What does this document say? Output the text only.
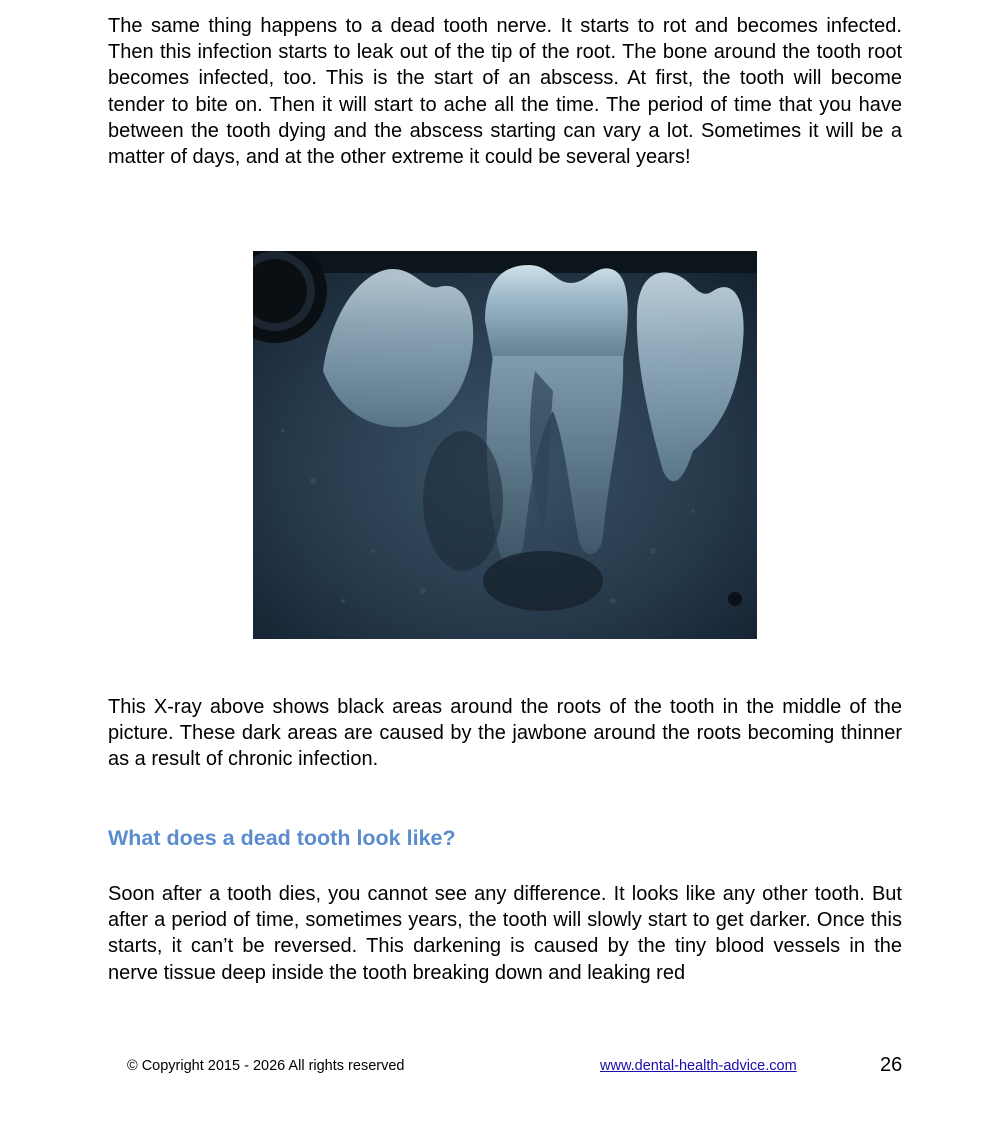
The same thing happens to a dead tooth nerve. It starts to rot and becomes infected. Then this infection starts to leak out of the tip of the root. The bone around the tooth root becomes infected, too. This is the start of an abscess. At first, the tooth will become tender to bite on. Then it will start to ache all the time. The period of time that you have between the tooth dying and the abscess starting can vary a lot. Sometimes it will be a matter of days, and at the other extreme it could be several years!

This X-ray above shows black areas around the roots of the tooth in the middle of the picture. These dark areas are caused by the jawbone around the roots becoming thinner as a result of chronic infection.

What does a dead tooth look like?

Soon after a tooth dies, you cannot see any difference. It looks like any other tooth. But after a period of time, sometimes years, the tooth will slowly start to get darker. Once this starts, it can’t be reversed. This darkening is caused by the tiny blood vessels in the nerve tissue deep inside the tooth breaking down and leaking red

© Copyright 2015 - 2026 All rights reserved	www.dental-health-advice.com	26
